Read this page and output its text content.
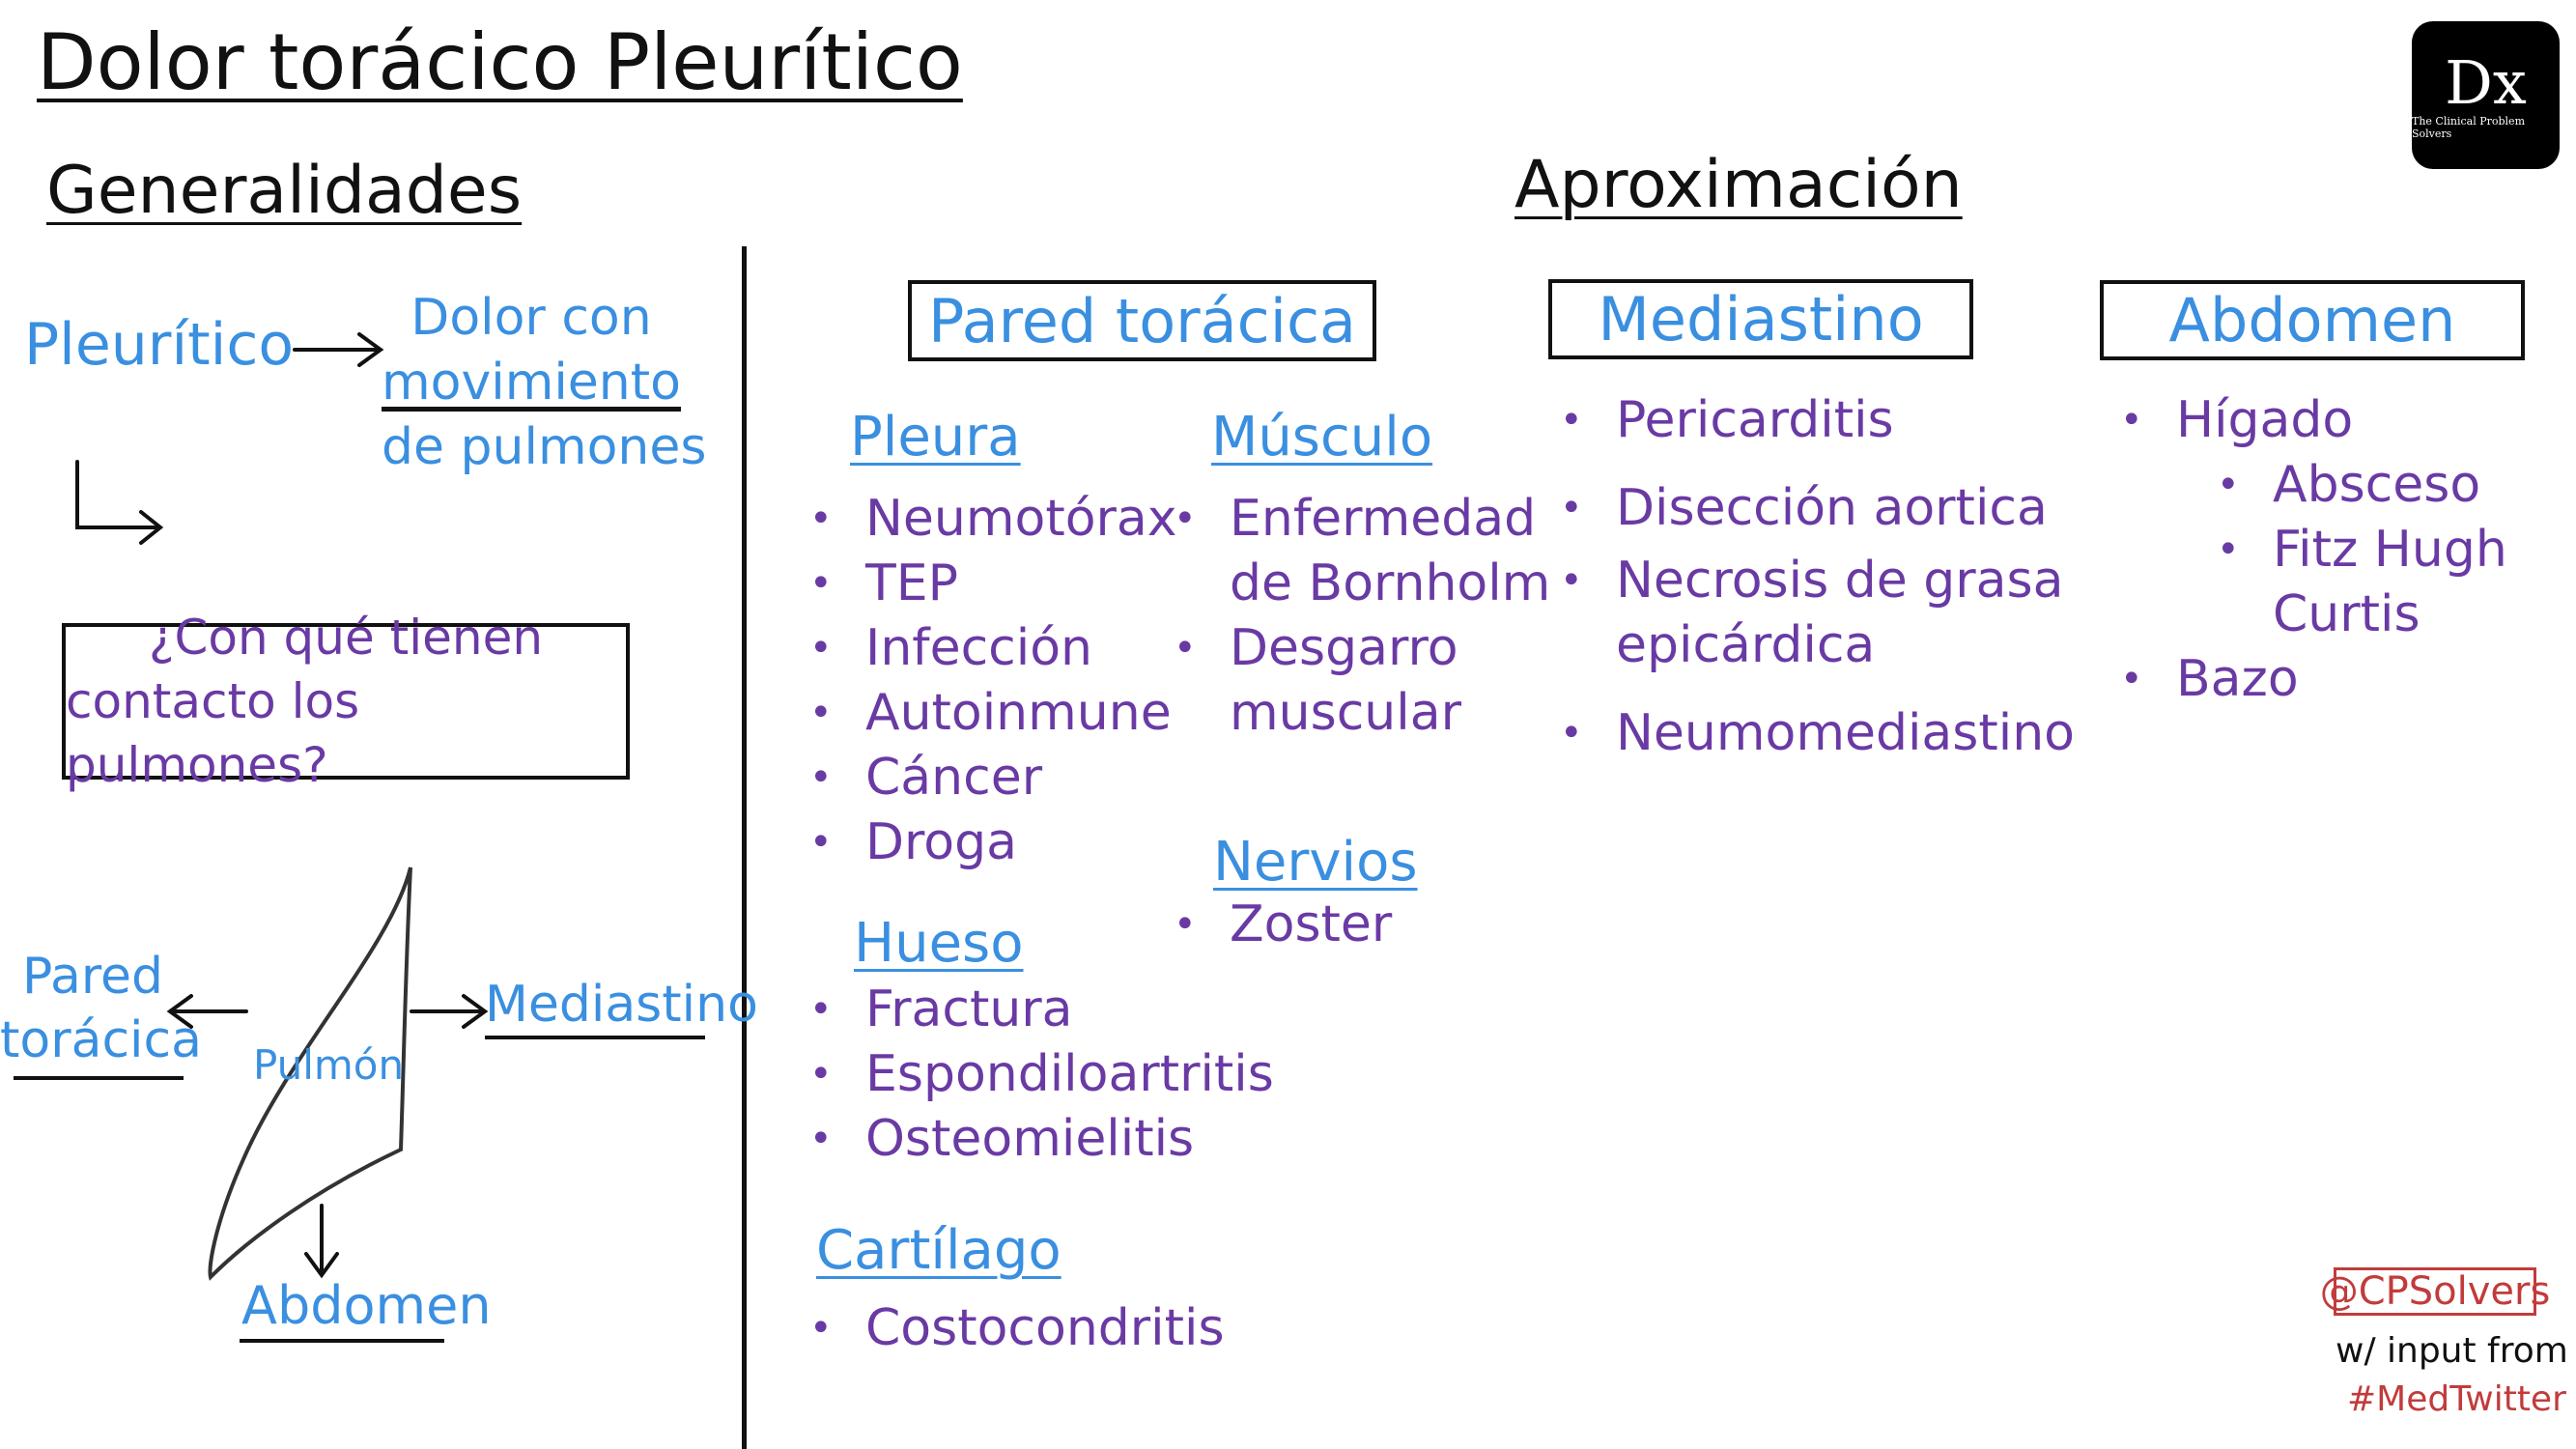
Dolor torácico Pleurítico	Dx
The Clinical Problem Solvers
Generalidades	Aproximación
Pleurítico	Dolor con
movimiento
de pulmones
¿Con qué tienen
contacto los pulmones?
Pulmón
Pared
torácica
Mediastino
Abdomen
Pared torácica	Mediastino	Abdomen
Pleura
• Neumotórax
• TEP
• Infección
• Autoinmune
• Cáncer
• Droga
Músculo
• Enfermedad
de Bornholm
• Desgarro
muscular
Nervios
• Zoster
Hueso
• Fractura
• Espondiloartritis
• Osteomielitis
Cartílago
• Costocondritis
• Pericarditis
• Disección aortica
• Necrosis de grasa
epicárdica
• Neumomediastino
• Hígado
• Absceso
• Fitz Hugh
Curtis
• Bazo
@CPSolvers
w/ input from
#MedTwitter
